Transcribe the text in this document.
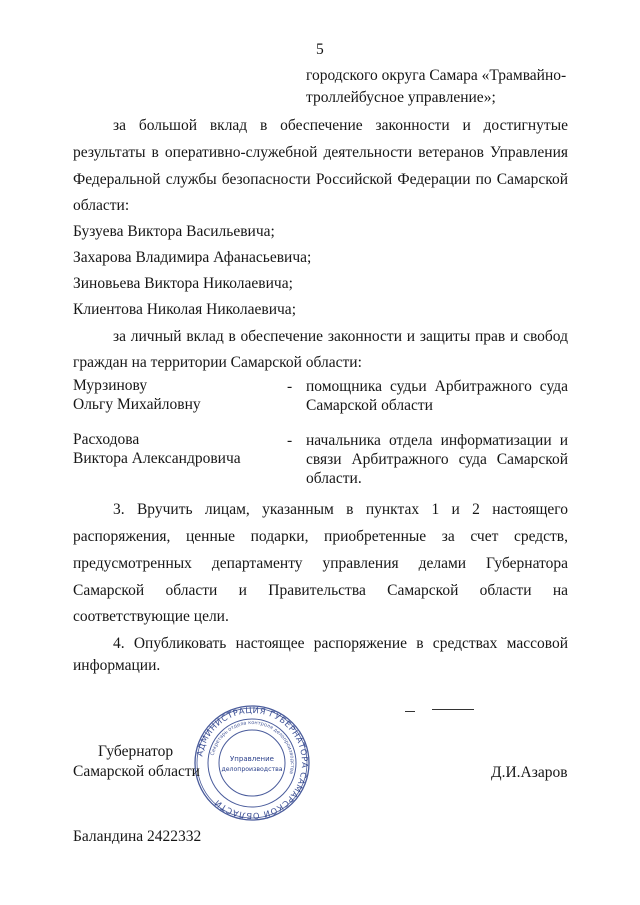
5
городского округа Самара «Трамвайно-
троллейбусное управление»;
за большой вклад в обеспечение законности и достигнутые
результаты в оперативно-служебной деятельности ветеранов Управления
Федеральной службы безопасности Российской Федерации по Самарской
области:
Бузуева Виктора Васильевича;
Захарова Владимира Афанасьевича;
Зиновьева Виктора Николаевича;
Клиентова Николая Николаевича;
за личный вклад в обеспечение законности и защиты прав и свобод
граждан на территории Самарской области:
Мурзинову
Ольгу Михайловну
- помощника судьи Арбитражного суда
Самарской области
Расходова
Виктора Александровича
- начальника отдела информатизации и
связи Арбитражного суда Самарской
области.
3. Вручить лицам, указанным в пунктах 1 и 2 настоящего
распоряжения, ценные подарки, приобретенные за счет средств,
предусмотренных департаменту управления делами Губернатора
Самарской области и Правительства Самарской области на
соответствующие цели.
4. Опубликовать настоящее распоряжение в средствах массовой
информации.
АДМИНИСТРАЦИЯ ГУБЕРНАТОРА САМАРСКОЙ ОБЛАСТИ
Секретарь отдела контроля делопроизводства
Управление
делопроизводства
Губернатор
Самарской области	Д.И.Азаров
Баландина 2422332
